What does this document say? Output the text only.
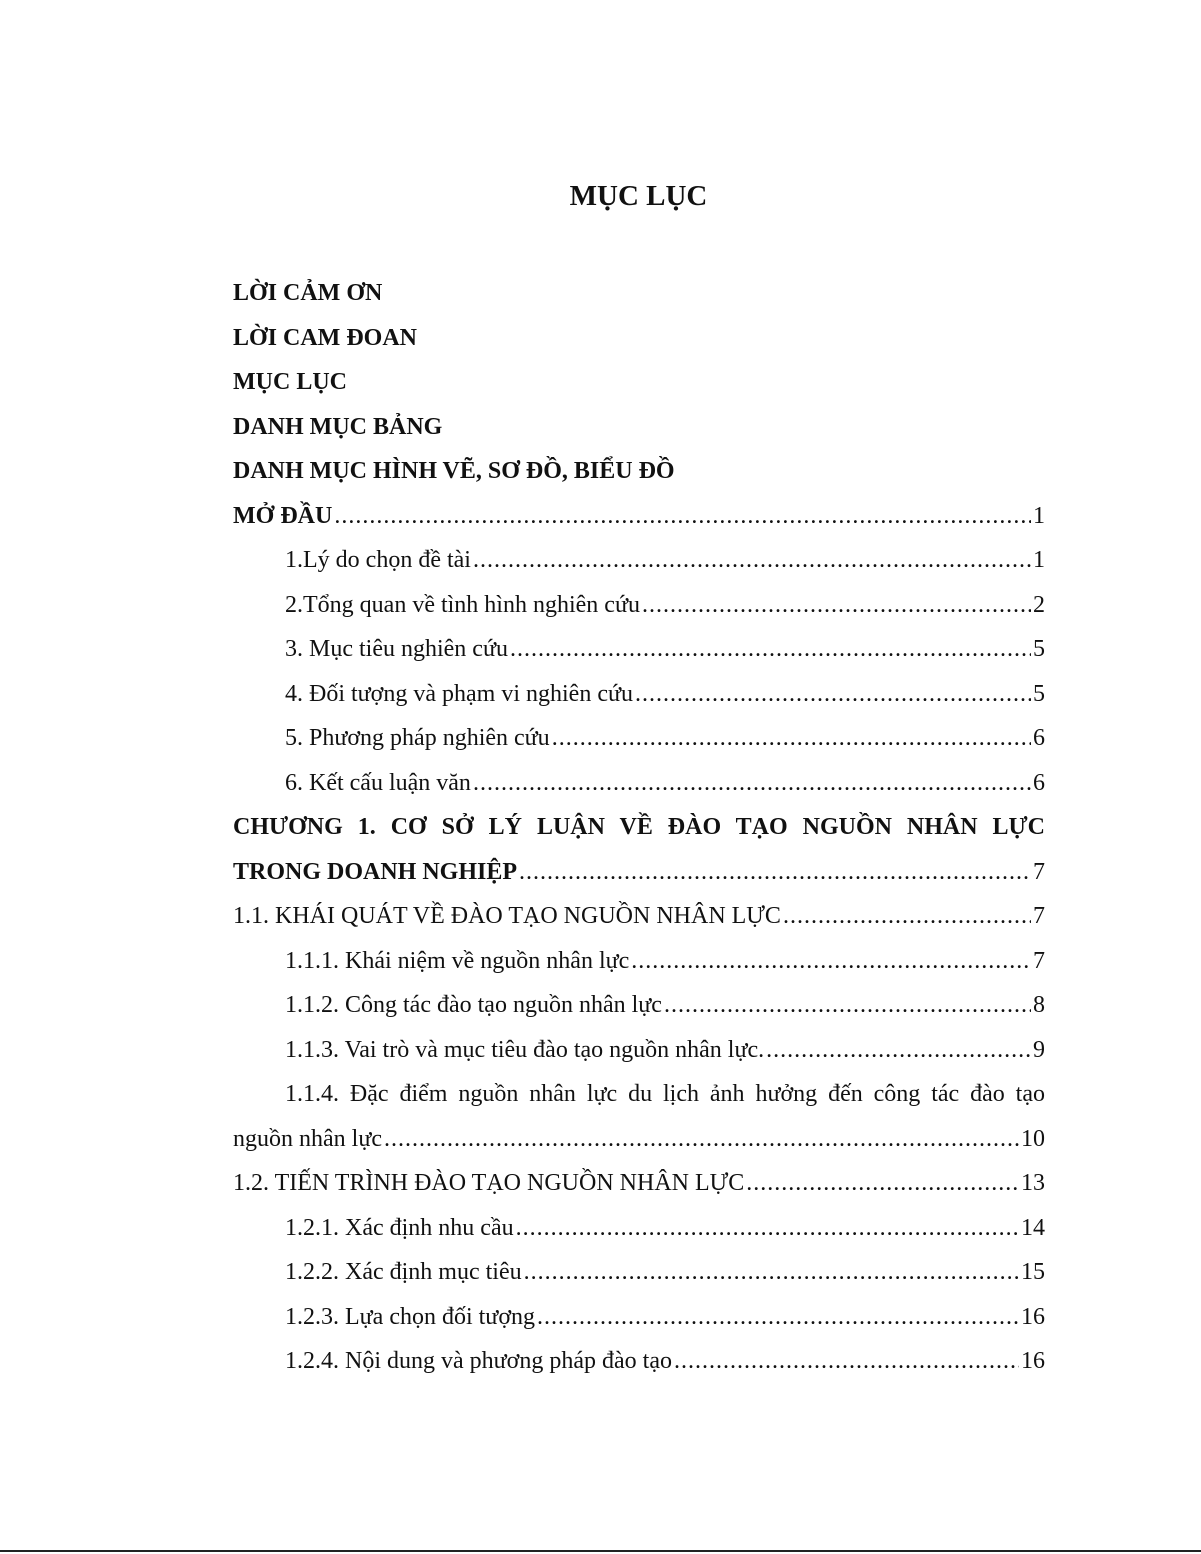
MỤC LỤC
LỜI CẢM ƠN
LỜI CAM ĐOAN
MỤC LỤC
DANH MỤC BẢNG
DANH MỤC HÌNH VẼ, SƠ ĐỒ, BIỂU ĐỒ
MỞ ĐẦU .....	1
1.Lý do chọn đề tài .....	1
2.Tổng quan về tình hình nghiên cứu .....	2
3. Mục tiêu nghiên cứu .....	5
4. Đối tượng và phạm vi nghiên cứu .....	5
5. Phương pháp nghiên cứu .....	6
6. Kết cấu luận văn .....	6
CHƯƠNG 1. CƠ SỞ LÝ LUẬN VỀ ĐÀO TẠO NGUỒN NHÂN LỰC
TRONG DOANH NGHIỆP .....	7
1.1. KHÁI QUÁT VỀ ĐÀO TẠO NGUỒN NHÂN LỰC .....	7
1.1.1. Khái niệm về nguồn nhân lực .....	7
1.1.2. Công tác đào tạo nguồn nhân lực .....	8
1.1.3. Vai trò và mục tiêu đào tạo nguồn nhân lực. .....	9
1.1.4. Đặc điểm nguồn nhân lực du lịch ảnh hưởng đến công tác đào tạo
nguồn nhân lực .....	10
1.2. TIẾN TRÌNH ĐÀO TẠO NGUỒN NHÂN LỰC .....	13
1.2.1. Xác định nhu cầu .....	14
1.2.2. Xác định mục tiêu .....	15
1.2.3. Lựa chọn đối tượng .....	16
1.2.4. Nội dung và phương pháp đào tạo .....	16
